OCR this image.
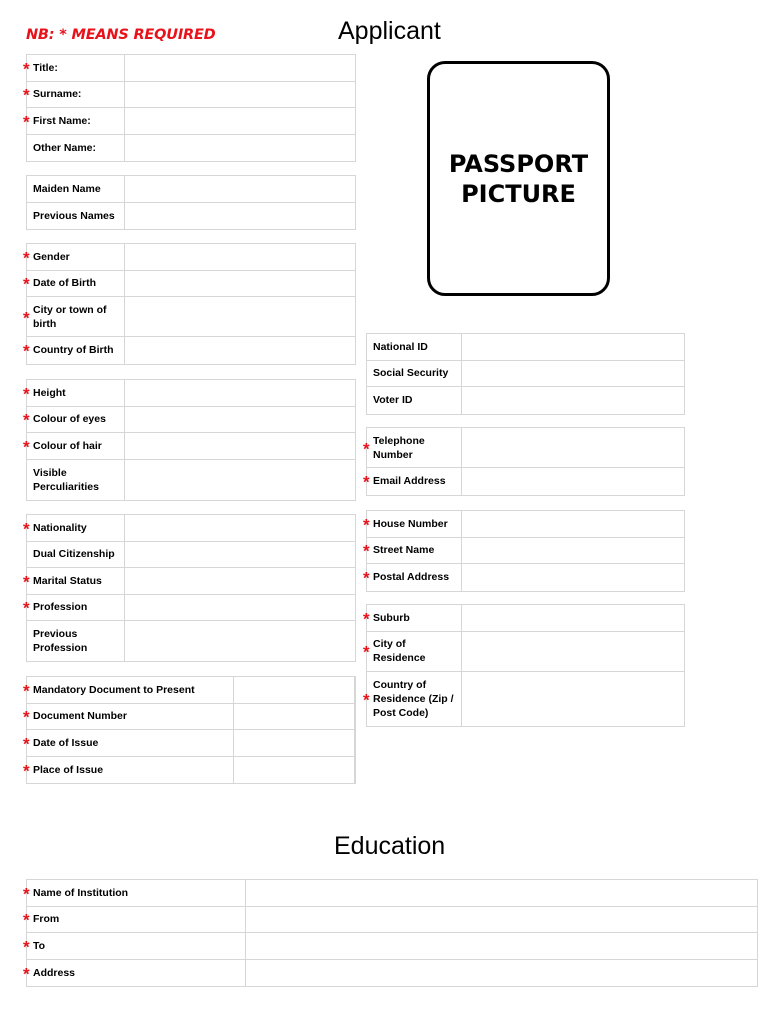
NB: * MEANS REQUIRED	Applicant
* Title:
* Surname:
* First Name:
Other Name:
Maiden Name
Previous Names
* Gender
* Date of Birth
* City or town of birth
* Country of Birth
* Height
* Colour of eyes
* Colour of hair
Visible Perculiarities
* Nationality
Dual Citizenship
* Marital Status
* Profession
Previous Profession
* Mandatory Document to Present
* Document Number
* Date of Issue
* Place of Issue
PASSPORT PICTURE
National ID
Social Security
Voter ID
* Telephone Number
* Email Address
* House Number
* Street Name
* Postal Address
* Suburb
* City of Residence
*
Country of Residence (Zip / Post Code)
Education
* Name of Institution
* From
* To
* Address
